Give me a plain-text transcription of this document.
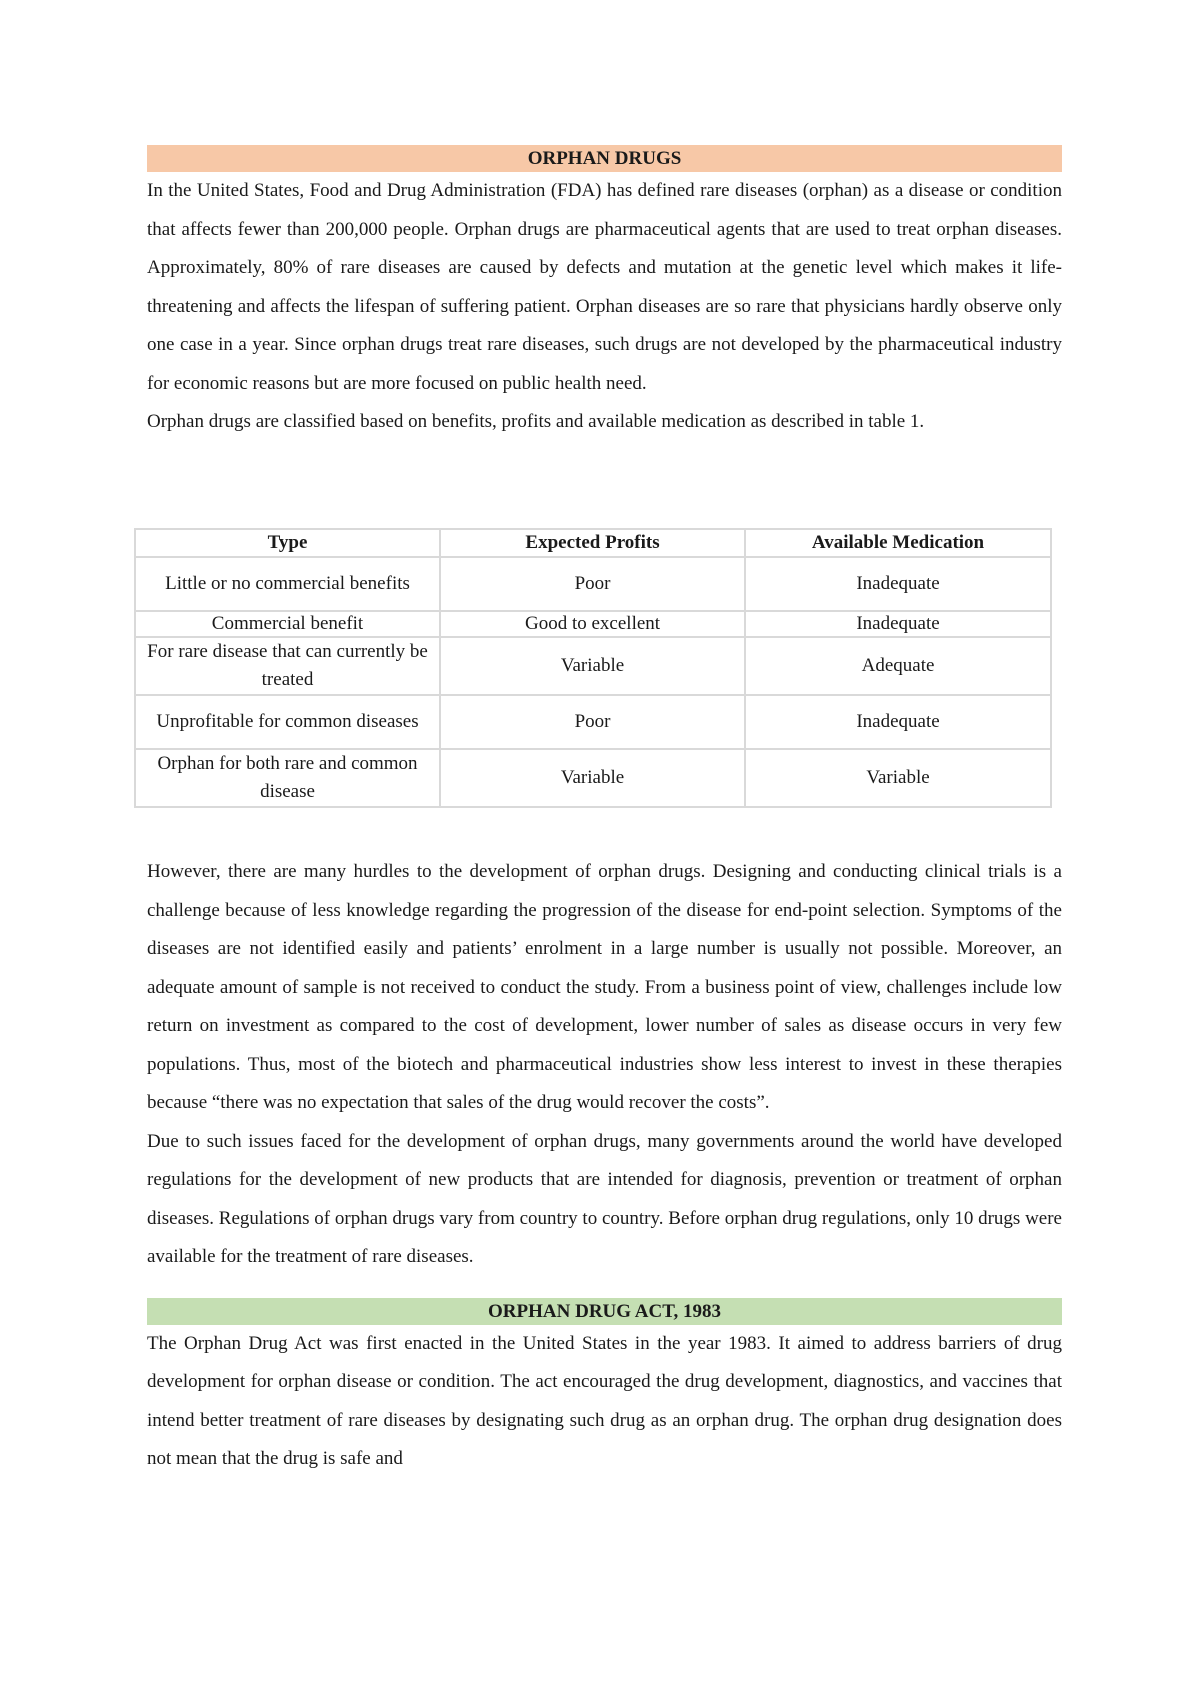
ORPHAN DRUGS

In the United States, Food and Drug Administration (FDA) has defined rare diseases (orphan) as a disease or condition that affects fewer than 200,000 people. Orphan drugs are pharmaceutical agents that are used to treat orphan diseases. Approximately, 80% of rare diseases are caused by defects and mutation at the genetic level which makes it life-threatening and affects the lifespan of suffering patient. Orphan diseases are so rare that physicians hardly observe only one case in a year. Since orphan drugs treat rare diseases, such drugs are not developed by the pharmaceutical industry for economic reasons but are more focused on public health need.

Orphan drugs are classified based on benefits, profits and available medication as described in table 1.

Type	Expected Profits	Available Medication
Little or no commercial benefits	Poor	Inadequate
Commercial benefit	Good to excellent	Inadequate
For rare disease that can currently be treated	Variable	Adequate
Unprofitable for common diseases	Poor	Inadequate
Orphan for both rare and common disease	Variable	Variable

However, there are many hurdles to the development of orphan drugs. Designing and conducting clinical trials is a challenge because of less knowledge regarding the progression of the disease for end-point selection. Symptoms of the diseases are not identified easily and patients’ enrolment in a large number is usually not possible. Moreover, an adequate amount of sample is not received to conduct the study. From a business point of view, challenges include low return on investment as compared to the cost of development, lower number of sales as disease occurs in very few populations. Thus, most of the biotech and pharmaceutical industries show less interest to invest in these therapies because “there was no expectation that sales of the drug would recover the costs”.

Due to such issues faced for the development of orphan drugs, many governments around the world have developed regulations for the development of new products that are intended for diagnosis, prevention or treatment of orphan diseases. Regulations of orphan drugs vary from country to country. Before orphan drug regulations, only 10 drugs were available for the treatment of rare diseases.

ORPHAN DRUG ACT, 1983

The Orphan Drug Act was first enacted in the United States in the year 1983. It aimed to address barriers of drug development for orphan disease or condition. The act encouraged the drug development, diagnostics, and vaccines that intend better treatment of rare diseases by designating such drug as an orphan drug. The orphan drug designation does not mean that the drug is safe and
